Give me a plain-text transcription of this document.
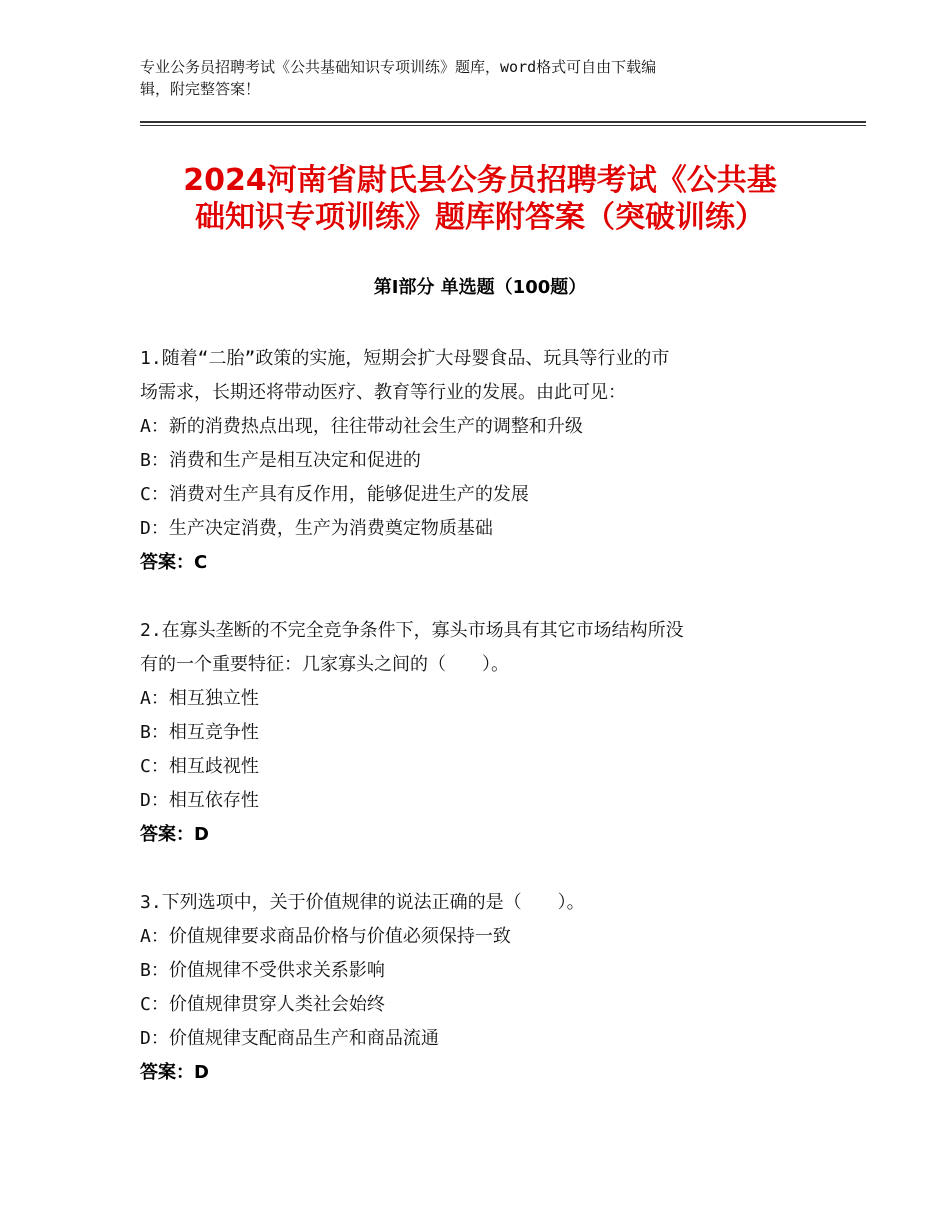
专业公务员招聘考试《公共基础知识专项训练》题库，word格式可自由下载编
辑，附完整答案！
2024河南省尉氏县公务员招聘考试《公共基
础知识专项训练》题库附答案（突破训练）
第Ⅰ部分 单选题（100题）
1.随着“二胎”政策的实施，短期会扩大母婴食品、玩具等行业的市
场需求，长期还将带动医疗、教育等行业的发展。由此可见：
A：新的消费热点出现，往往带动社会生产的调整和升级
B：消费和生产是相互决定和促进的
C：消费对生产具有反作用，能够促进生产的发展
D：生产决定消费，生产为消费奠定物质基础
答案：C
2.在寡头垄断的不完全竞争条件下，寡头市场具有其它市场结构所没
有的一个重要特征：几家寡头之间的（　　）。
A：相互独立性
B：相互竞争性
C：相互歧视性
D：相互依存性
答案：D
3.下列选项中，关于价值规律的说法正确的是（　　）。
A：价值规律要求商品价格与价值必须保持一致
B：价值规律不受供求关系影响
C：价值规律贯穿人类社会始终
D：价值规律支配商品生产和商品流通
答案：D
